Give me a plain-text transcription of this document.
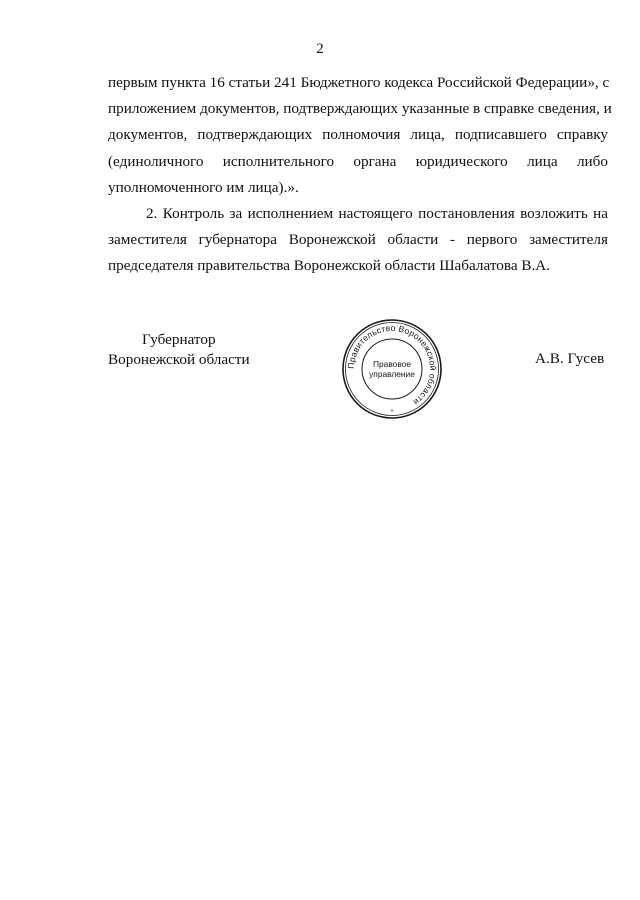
2
первым пункта 16 статьи 241 Бюджетного кодекса Российской Федерации», с
приложением документов, подтверждающих указанные в справке сведения, и
документов, подтверждающих полномочия лица, подписавшего справку
(единоличного исполнительного органа юридического лица либо
уполномоченного им лица).».
2. Контроль за исполнением настоящего постановления возложить на
заместителя губернатора Воронежской области - первого заместителя
председателя правительства Воронежской области Шабалатова В.А.
Губернатор
Воронежской области	Правительство Воронежской области
Правовое
управление
*
А.В. Гусев
